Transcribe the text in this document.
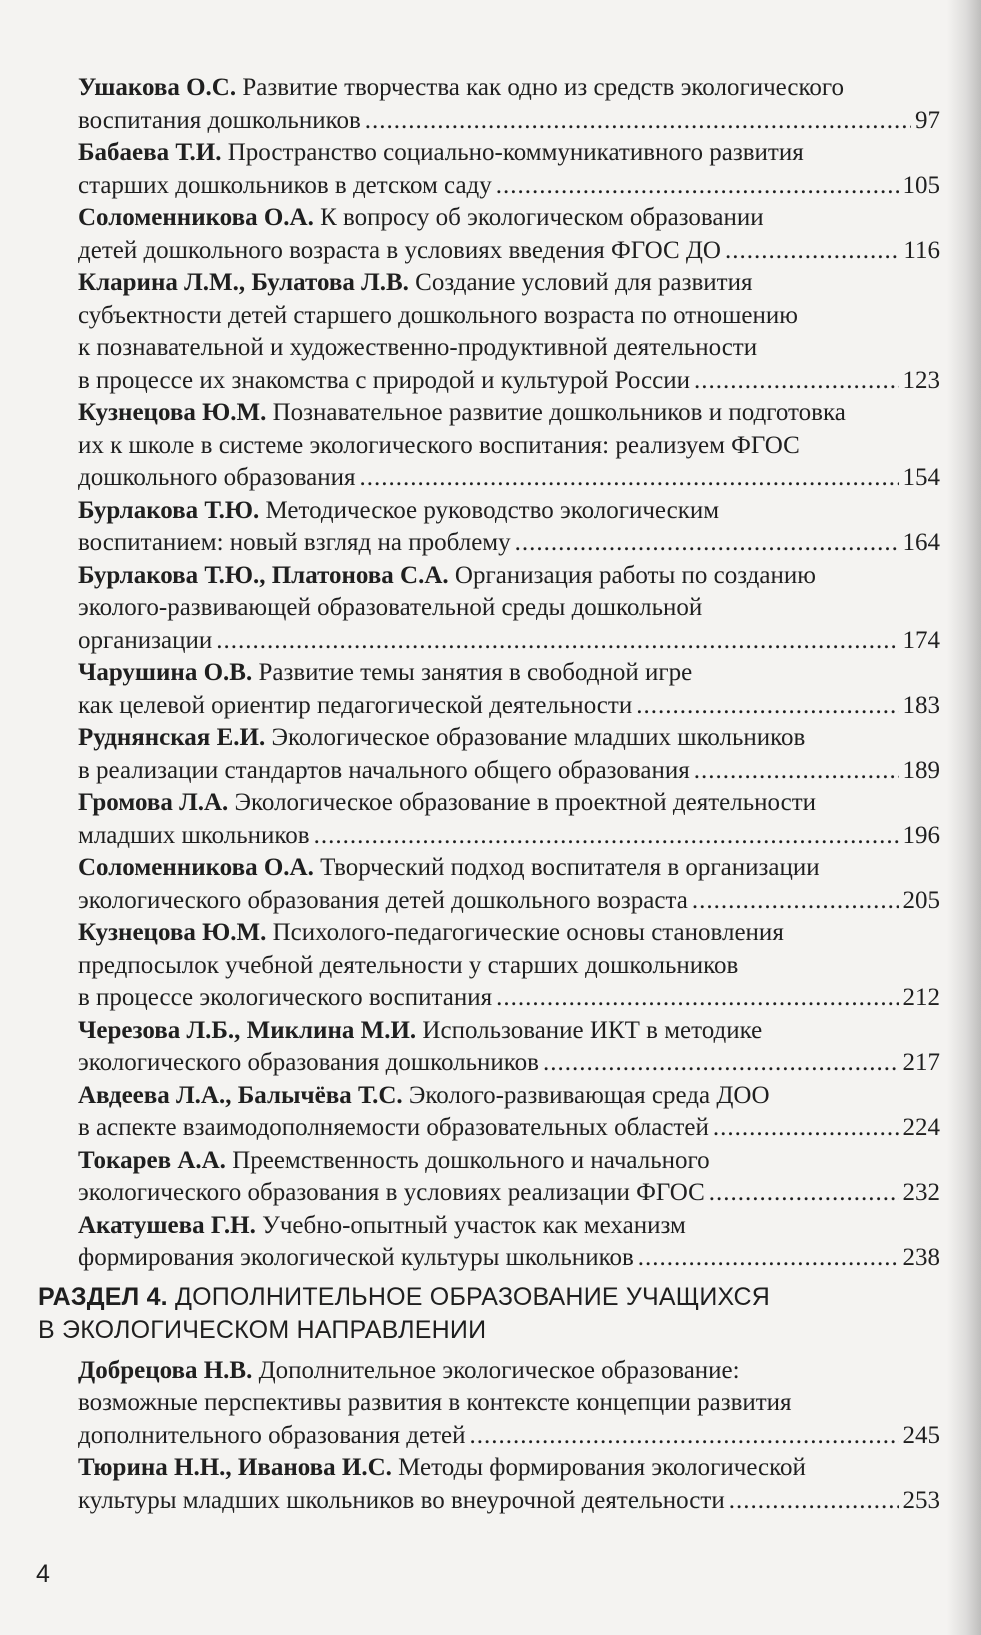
Ушакова О.С. Развитие творчества как одно из средств экологического
воспитания дошкольников .....	97
Бабаева Т.И. Пространство социально-коммуникативного развития
старших дошкольников в детском саду .....	105
Соломенникова О.А. К вопросу об экологическом образовании
детей дошкольного возраста в условиях введения ФГОС ДО .....	116
Кларина Л.М., Булатова Л.В. Создание условий для развития
субъектности детей старшего дошкольного возраста по отношению
к познавательной и художественно-продуктивной деятельности
в процессе их знакомства с природой и культурой России .....	123
Кузнецова Ю.М. Познавательное развитие дошкольников и подготовка
их к школе в системе экологического воспитания: реализуем ФГОС
дошкольного образования .....	154
Бурлакова Т.Ю. Методическое руководство экологическим
воспитанием: новый взгляд на проблему .....	164
Бурлакова Т.Ю., Платонова С.А. Организация работы по созданию
эколого-развивающей образовательной среды дошкольной
организации .....	174
Чарушина О.В. Развитие темы занятия в свободной игре
как целевой ориентир педагогической деятельности .....	183
Руднянская Е.И. Экологическое образование младших школьников
в реализации стандартов начального общего образования .....	189
Громова Л.А. Экологическое образование в проектной деятельности
младших школьников .....	196
Соломенникова О.А. Творческий подход воспитателя в организации
экологического образования детей дошкольного возраста .....	205
Кузнецова Ю.М. Психолого-педагогические основы становления
предпосылок учебной деятельности у старших дошкольников
в процессе экологического воспитания .....	212
Черезова Л.Б., Миклина М.И. Использование ИКТ в методике
экологического образования дошкольников .....	217
Авдеева Л.А., Балычёва Т.С. Эколого-развивающая среда ДОО
в аспекте взаимодополняемости образовательных областей .....	224
Токарев А.А. Преемственность дошкольного и начального
экологического образования в условиях реализации ФГОС .....	232
Акатушева Г.Н. Учебно-опытный участок как механизм
формирования экологической культуры школьников .....	238
РАЗДЕЛ 4. ДОПОЛНИТЕЛЬНОЕ ОБРАЗОВАНИЕ УЧАЩИХСЯ
В ЭКОЛОГИЧЕСКОМ НАПРАВЛЕНИИ
Добрецова Н.В. Дополнительное экологическое образование:
возможные перспективы развития в контексте концепции развития
дополнительного образования детей .....	245
Тюрина Н.Н., Иванова И.С. Методы формирования экологической
культуры младших школьников во внеурочной деятельности .....	253
4
